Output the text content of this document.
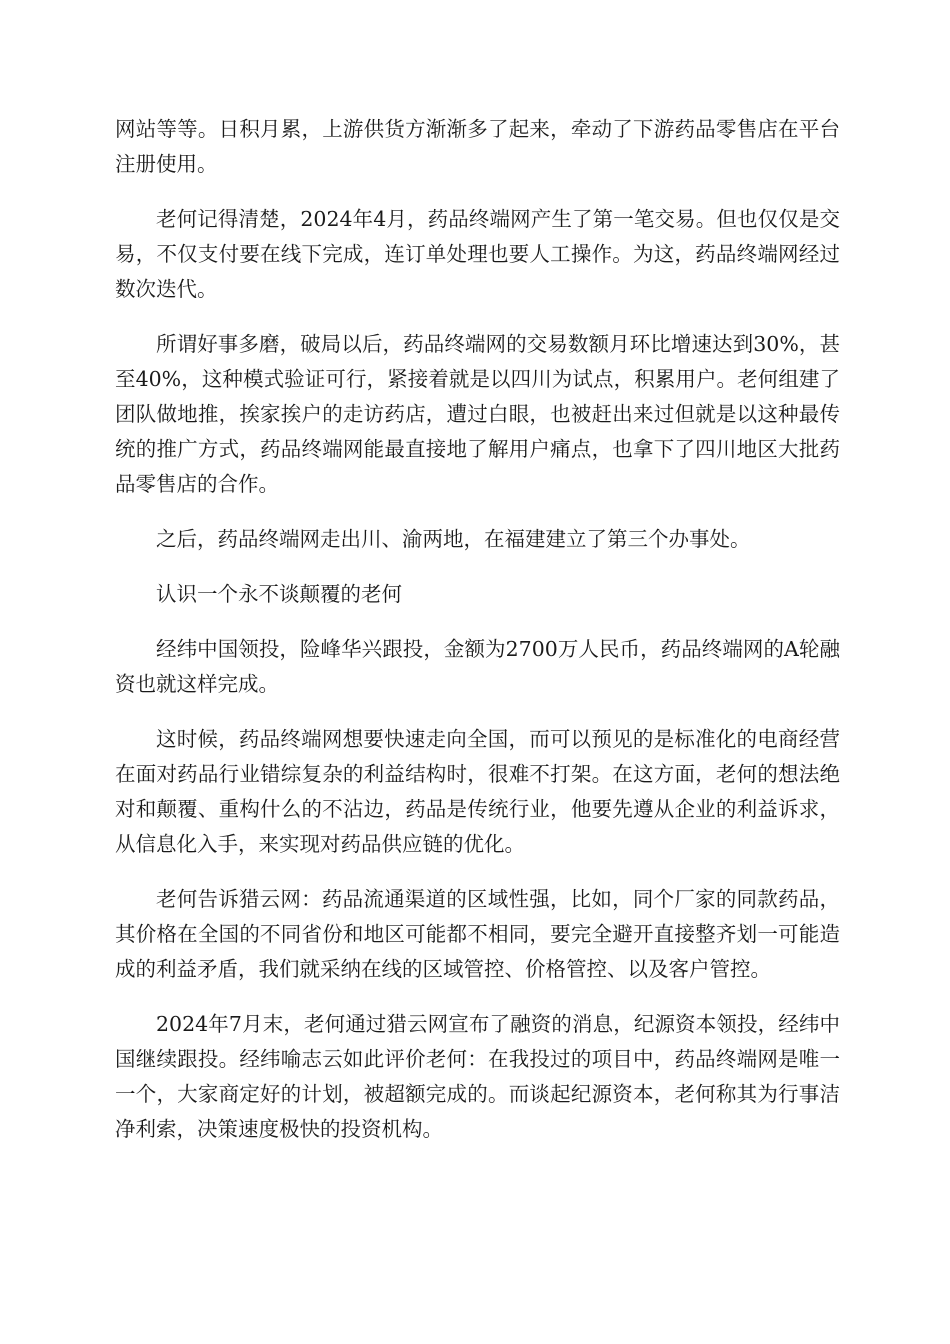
网站等等。日积月累，上游供货方渐渐多了起来，牵动了下游药品零售店在平台注册使用。

老何记得清楚，2024年4月，药品终端网产生了第一笔交易。但也仅仅是交易，不仅支付要在线下完成，连订单处理也要人工操作。为这，药品终端网经过数次迭代。

所谓好事多磨，破局以后，药品终端网的交易数额月环比增速达到30%，甚至40%，这种模式验证可行，紧接着就是以四川为试点，积累用户。老何组建了团队做地推，挨家挨户的走访药店，遭过白眼，也被赶出来过但就是以这种最传统的推广方式，药品终端网能最直接地了解用户痛点，也拿下了四川地区大批药品零售店的合作。

之后，药品终端网走出川、渝两地，在福建建立了第三个办事处。

认识一个永不谈颠覆的老何

经纬中国领投，险峰华兴跟投，金额为2700万人民币，药品终端网的A轮融资也就这样完成。

这时候，药品终端网想要快速走向全国，而可以预见的是标准化的电商经营在面对药品行业错综复杂的利益结构时，很难不打架。在这方面，老何的想法绝对和颠覆、重构什么的不沾边，药品是传统行业，他要先遵从企业的利益诉求，从信息化入手，来实现对药品供应链的优化。

老何告诉猎云网：药品流通渠道的区域性强，比如，同个厂家的同款药品，其价格在全国的不同省份和地区可能都不相同，要完全避开直接整齐划一可能造成的利益矛盾，我们就采纳在线的区域管控、价格管控、以及客户管控。

2024年7月末，老何通过猎云网宣布了融资的消息，纪源资本领投，经纬中国继续跟投。经纬喻志云如此评价老何：在我投过的项目中，药品终端网是唯一一个，大家商定好的计划，被超额完成的。而谈起纪源资本，老何称其为行事洁净利索，决策速度极快的投资机构。
